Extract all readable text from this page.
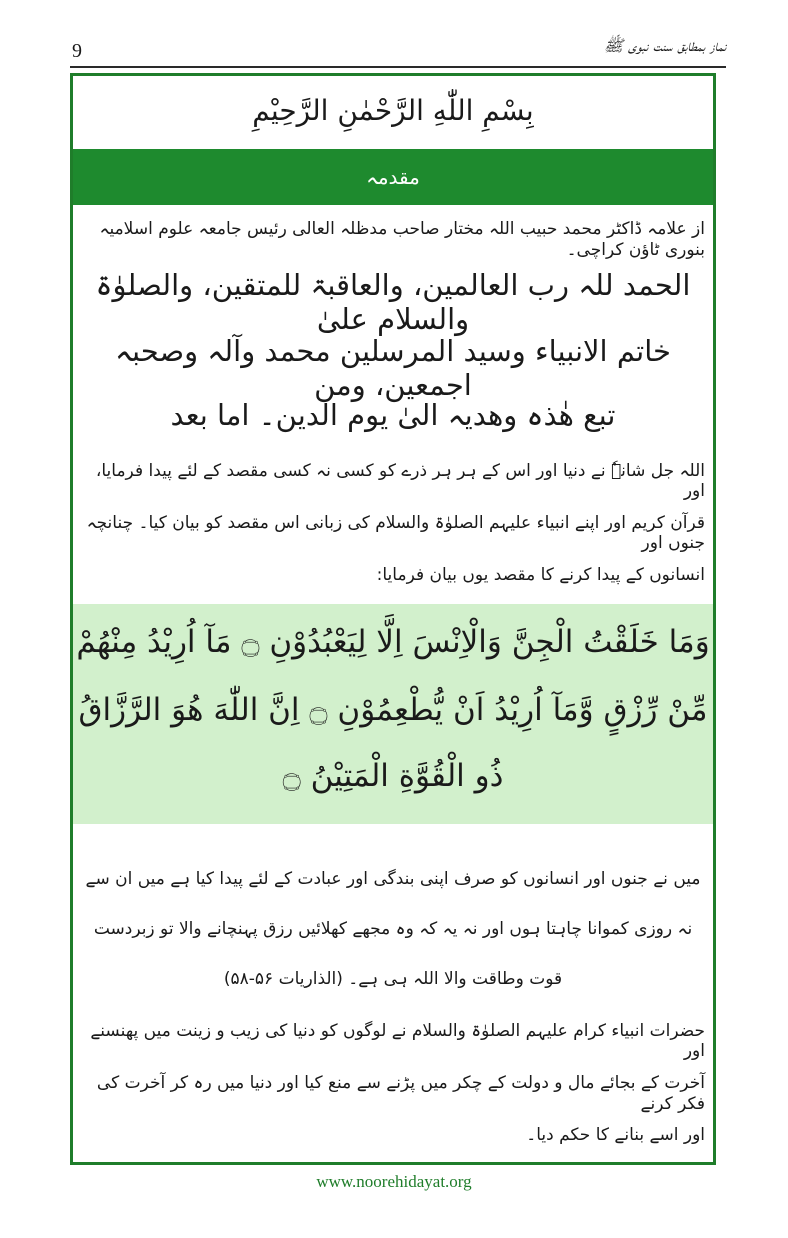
9	نماز بمطابق سنت نبوی ﷺ
بِسْمِ اللّٰهِ الرَّحْمٰنِ الرَّحِيْمِ
مقدمہ
از علامہ ڈاکٹر محمد حبیب اللہ مختار صاحب مدظلہ العالی رئیس جامعہ علوم اسلامیہ بنوری ٹاؤن کراچی۔
الحمد للہ رب العالمین، والعاقبۃ للمتقین، والصلوٰۃ والسلام علیٰ
خاتم الانبیاء وسید المرسلین محمد وآلہ وصحبہ اجمعین، ومن
تبع ھٰذہ وھدیہ الیٰ یوم الدین۔ اما بعد
اللہ جل شانہٗ نے دنیا اور اس کے ہر ہر ذرے کو کسی نہ کسی مقصد کے لئے پیدا فرمایا، اور
قرآن کریم اور اپنے انبیاء علیہم الصلوٰۃ والسلام کی زبانی اس مقصد کو بیان کیا۔ چنانچہ جنوں اور
انسانوں کے پیدا کرنے کا مقصد یوں بیان فرمایا:
وَمَا خَلَقْتُ الْجِنَّ وَالْاِنْسَ اِلَّا لِيَعْبُدُوْنِ ۝ مَآ اُرِيْدُ مِنْهُمْ
مِّنْ رِّزْقٍ وَّمَآ اُرِيْدُ اَنْ يُّطْعِمُوْنِ ۝ اِنَّ اللّٰهَ هُوَ الرَّزَّاقُ
ذُو الْقُوَّةِ الْمَتِيْنُ ۝
میں نے جنوں اور انسانوں کو صرف اپنی بندگی اور عبادت کے لئے پیدا کیا ہے میں ان سے
نہ روزی کموانا چاہتا ہوں اور نہ یہ کہ وہ مجھے کھلائیں رزق پہنچانے والا تو زبردست
قوت وطاقت والا اللہ ہی ہے۔ (الذاریات ۵۶-۵۸)
حضرات انبیاء کرام علیہم الصلوٰۃ والسلام نے لوگوں کو دنیا کی زیب و زینت میں پھنسنے اور
آخرت کے بجائے مال و دولت کے چکر میں پڑنے سے منع کیا اور دنیا میں رہ کر آخرت کی فکر کرنے
اور اسے بنانے کا حکم دیا۔
www.noorehidayat.org
